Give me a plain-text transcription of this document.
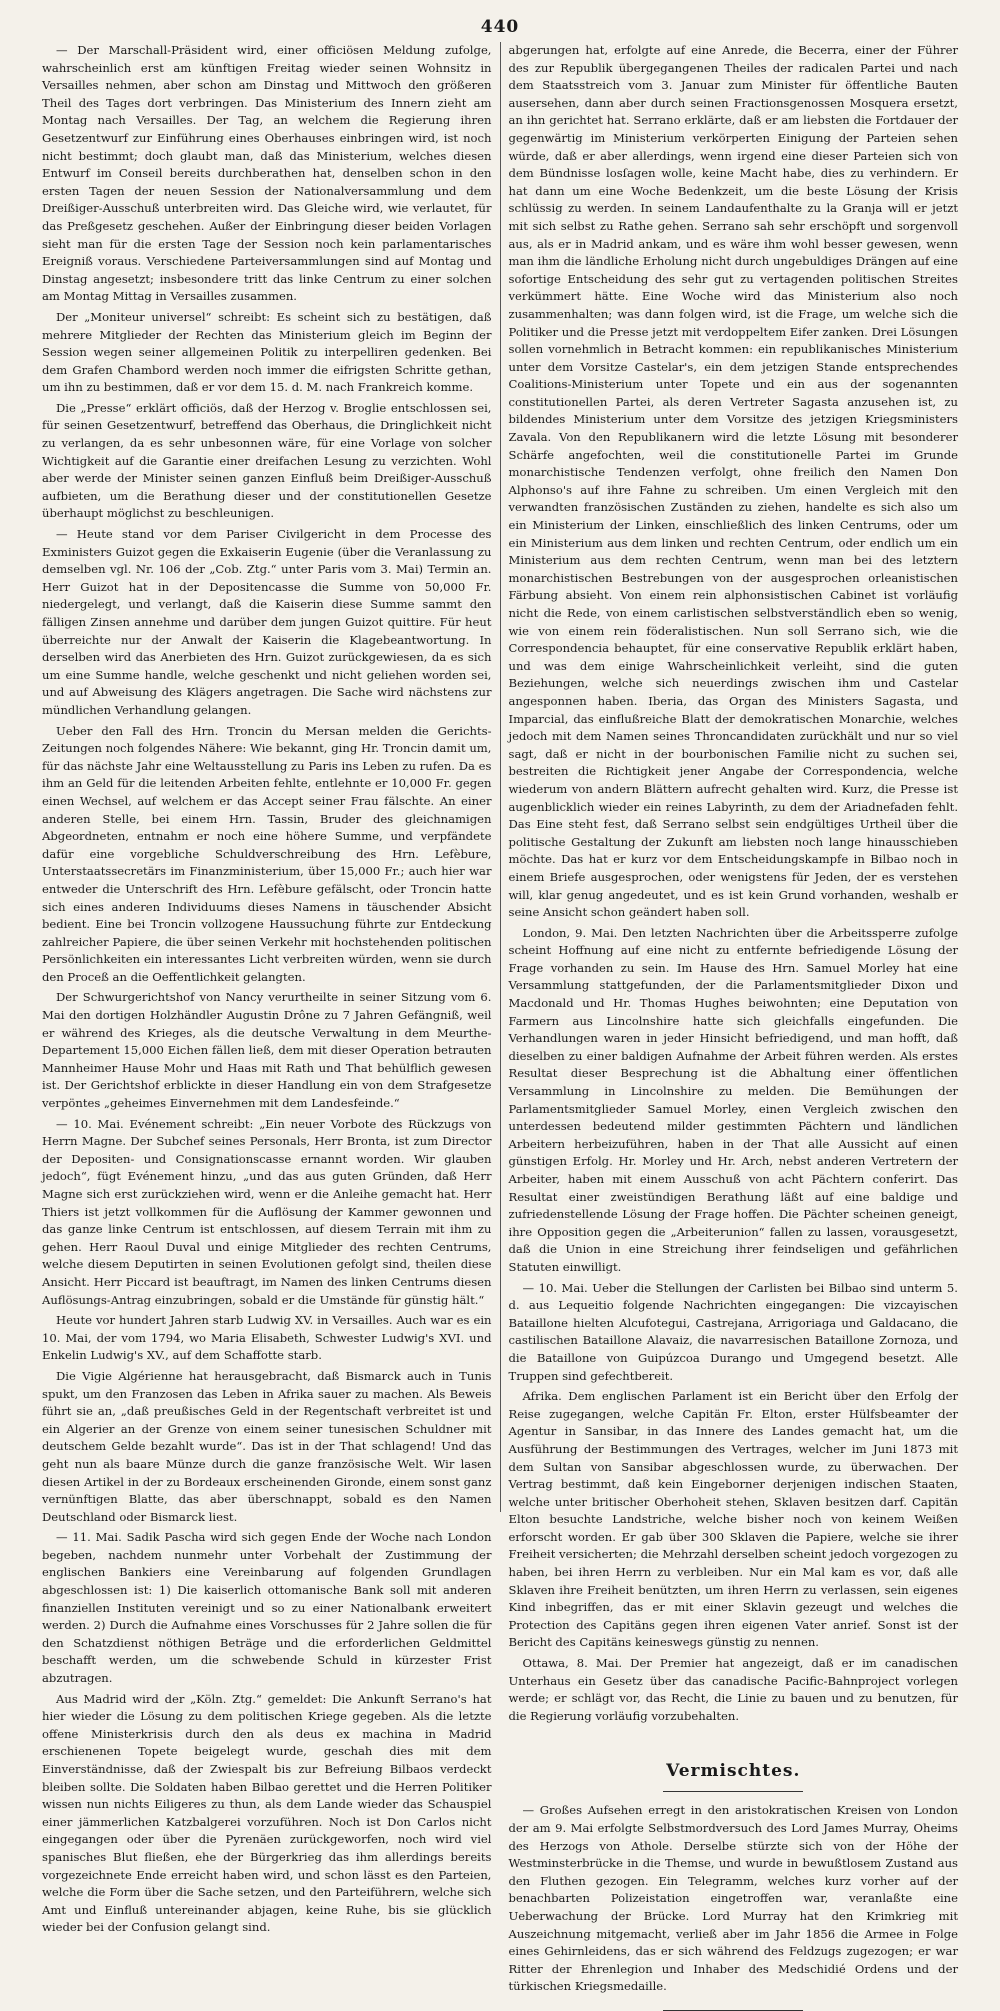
440

— Der Marschall-Präsident wird, einer officiösen Meldung zufolge, wahrscheinlich erst am künftigen Freitag wieder seinen Wohnsitz in Versailles nehmen, aber schon am Dinstag und Mittwoch den größeren Theil des Tages dort verbringen. Das Ministerium des Innern zieht am Montag nach Versailles. Der Tag, an welchem die Regierung ihren Gesetzentwurf zur Einführung eines Oberhauses einbringen wird, ist noch nicht bestimmt; doch glaubt man, daß das Ministerium, welches diesen Entwurf im Conseil bereits durchberathen hat, denselben schon in den ersten Tagen der neuen Session der Nationalversammlung und dem Dreißiger-Ausschuß unterbreiten wird. Das Gleiche wird, wie verlautet, für das Preßgesetz geschehen. Außer der Einbringung dieser beiden Vorlagen sieht man für die ersten Tage der Session noch kein parlamentarisches Ereigniß voraus. Verschiedene Parteiversammlungen sind auf Montag und Dinstag angesetzt; insbesondere tritt das linke Centrum zu einer solchen am Montag Mittag in Versailles zusammen.

Der „Moniteur universel“ schreibt: Es scheint sich zu bestätigen, daß mehrere Mitglieder der Rechten das Ministerium gleich im Beginn der Session wegen seiner allgemeinen Politik zu interpelliren gedenken. Bei dem Grafen Chambord werden noch immer die eifrigsten Schritte gethan, um ihn zu bestimmen, daß er vor dem 15. d. M. nach Frankreich komme.

Die „Presse“ erklärt officiös, daß der Herzog v. Broglie entschlossen sei, für seinen Gesetzentwurf, betreffend das Oberhaus, die Dringlichkeit nicht zu verlangen, da es sehr unbesonnen wäre, für eine Vorlage von solcher Wichtigkeit auf die Garantie einer dreifachen Lesung zu verzichten. Wohl aber werde der Minister seinen ganzen Einfluß beim Dreißiger-Ausschuß aufbieten, um die Berathung dieser und der constitutionellen Gesetze überhaupt möglichst zu beschleunigen.

— Heute stand vor dem Pariser Civilgericht in dem Processe des Exministers Guizot gegen die Exkaiserin Eugenie (über die Veranlassung zu demselben vgl. Nr. 106 der „Cob. Ztg.“ unter Paris vom 3. Mai) Termin an. Herr Guizot hat in der Depositencasse die Summe von 50,000 Fr. niedergelegt, und verlangt, daß die Kaiserin diese Summe sammt den fälligen Zinsen annehme und darüber dem jungen Guizot quittire. Für heut überreichte nur der Anwalt der Kaiserin die Klagebeantwortung. In derselben wird das Anerbieten des Hrn. Guizot zurückgewiesen, da es sich um eine Summe handle, welche geschenkt und nicht geliehen worden sei, und auf Abweisung des Klägers angetragen. Die Sache wird nächstens zur mündlichen Verhandlung gelangen.

Ueber den Fall des Hrn. Troncin du Mersan melden die Gerichts-Zeitungen noch folgendes Nähere: Wie bekannt, ging Hr. Troncin damit um, für das nächste Jahr eine Weltausstellung zu Paris ins Leben zu rufen. Da es ihm an Geld für die leitenden Arbeiten fehlte, entlehnte er 10,000 Fr. gegen einen Wechsel, auf welchem er das Accept seiner Frau fälschte. An einer anderen Stelle, bei einem Hrn. Tassin, Bruder des gleichnamigen Abgeordneten, entnahm er noch eine höhere Summe, und verpfändete dafür eine vorgebliche Schuldverschreibung des Hrn. Lefèbure, Unterstaatssecretärs im Finanzministerium, über 15,000 Fr.; auch hier war entweder die Unterschrift des Hrn. Lefèbure gefälscht, oder Troncin hatte sich eines anderen Individuums dieses Namens in täuschender Absicht bedient. Eine bei Troncin vollzogene Haussuchung führte zur Entdeckung zahlreicher Papiere, die über seinen Verkehr mit hochstehenden politischen Persönlichkeiten ein interessantes Licht verbreiten würden, wenn sie durch den Proceß an die Oeffentlichkeit gelangten.

Der Schwurgerichtshof von Nancy verurtheilte in seiner Sitzung vom 6. Mai den dortigen Holzhändler Augustin Drône zu 7 Jahren Gefängniß, weil er während des Krieges, als die deutsche Verwaltung in dem Meurthe-Departement 15,000 Eichen fällen ließ, dem mit dieser Operation betrauten Mannheimer Hause Mohr und Haas mit Rath und That behülflich gewesen ist. Der Gerichtshof erblickte in dieser Handlung ein von dem Strafgesetze verpöntes „geheimes Einvernehmen mit dem Landesfeinde.“

— 10. Mai. Evénement schreibt: „Ein neuer Vorbote des Rückzugs von Herrn Magne. Der Subchef seines Personals, Herr Bronta, ist zum Director der Depositen- und Consignationscasse ernannt worden. Wir glauben jedoch“, fügt Evénement hinzu, „und das aus guten Gründen, daß Herr Magne sich erst zurückziehen wird, wenn er die Anleihe gemacht hat. Herr Thiers ist jetzt vollkommen für die Auflösung der Kammer gewonnen und das ganze linke Centrum ist entschlossen, auf diesem Terrain mit ihm zu gehen. Herr Raoul Duval und einige Mitglieder des rechten Centrums, welche diesem Deputirten in seinen Evolutionen gefolgt sind, theilen diese Ansicht. Herr Piccard ist beauftragt, im Namen des linken Centrums diesen Auflösungs-Antrag einzubringen, sobald er die Umstände für günstig hält.“

Heute vor hundert Jahren starb Ludwig XV. in Versailles. Auch war es ein 10. Mai, der vom 1794, wo Maria Elisabeth, Schwester Ludwig's XVI. und Enkelin Ludwig's XV., auf dem Schaffotte starb.

Die Vigie Algérienne hat herausgebracht, daß Bismarck auch in Tunis spukt, um den Franzosen das Leben in Afrika sauer zu machen. Als Beweis führt sie an, „daß preußisches Geld in der Regentschaft verbreitet ist und ein Algerier an der Grenze von einem seiner tunesischen Schuldner mit deutschem Gelde bezahlt wurde“. Das ist in der That schlagend! Und das geht nun als baare Münze durch die ganze französische Welt. Wir lasen diesen Artikel in der zu Bordeaux erscheinenden Gironde, einem sonst ganz vernünftigen Blatte, das aber überschnappt, sobald es den Namen Deutschland oder Bismarck liest.

— 11. Mai. Sadik Pascha wird sich gegen Ende der Woche nach London begeben, nachdem nunmehr unter Vorbehalt der Zustimmung der englischen Bankiers eine Vereinbarung auf folgenden Grundlagen abgeschlossen ist: 1) Die kaiserlich ottomanische Bank soll mit anderen finanziellen Instituten vereinigt und so zu einer Nationalbank erweitert werden. 2) Durch die Aufnahme eines Vorschusses für 2 Jahre sollen die für den Schatzdienst nöthigen Beträge und die erforderlichen Geldmittel beschafft werden, um die schwebende Schuld in kürzester Frist abzutragen.

Aus Madrid wird der „Köln. Ztg.“ gemeldet: Die Ankunft Serrano's hat hier wieder die Lösung zu dem politischen Kriege gegeben. Als die letzte offene Ministerkrisis durch den als deus ex machina in Madrid erschienenen Topete beigelegt wurde, geschah dies mit dem Einverständnisse, daß der Zwiespalt bis zur Befreiung Bilbaos verdeckt bleiben sollte. Die Soldaten haben Bilbao gerettet und die Herren Politiker wissen nun nichts Eiligeres zu thun, als dem Lande wieder das Schauspiel einer jämmerlichen Katzbalgerei vorzuführen. Noch ist Don Carlos nicht eingegangen oder über die Pyrenäen zurückgeworfen, noch wird viel spanisches Blut fließen, ehe der Bürgerkrieg das ihm allerdings bereits vorgezeichnete Ende erreicht haben wird, und schon lässt es den Parteien, welche die Form über die Sache setzen, und den Parteiführern, welche sich Amt und Einfluß untereinander abjagen, keine Ruhe, bis sie glücklich wieder bei der Confusion gelangt sind.

abgerungen hat, erfolgte auf eine Anrede, die Becerra, einer der Führer des zur Republik übergegangenen Theiles der radicalen Partei und nach dem Staatsstreich vom 3. Januar zum Minister für öffentliche Bauten ausersehen, dann aber durch seinen Fractionsgenossen Mosquera ersetzt, an ihn gerichtet hat. Serrano erklärte, daß er am liebsten die Fortdauer der gegenwärtig im Ministerium verkörperten Einigung der Parteien sehen würde, daß er aber allerdings, wenn irgend eine dieser Parteien sich von dem Bündnisse losſagen wolle, keine Macht habe, dies zu verhindern. Er hat dann um eine Woche Bedenkzeit, um die beste Lösung der Krisis schlüssig zu werden. In seinem Landaufenthalte zu la Granja will er jetzt mit sich selbst zu Rathe gehen. Serrano sah sehr erschöpft und sorgenvoll aus, als er in Madrid ankam, und es wäre ihm wohl besser gewesen, wenn man ihm die ländliche Erholung nicht durch ungebuldiges Drängen auf eine sofortige Entscheidung des sehr gut zu vertagenden politischen Streites verkümmert hätte. Eine Woche wird das Ministerium also noch zusammenhalten; was dann folgen wird, ist die Frage, um welche sich die Politiker und die Presse jetzt mit verdoppeltem Eifer zanken. Drei Lösungen sollen vornehmlich in Betracht kommen: ein republikanisches Ministerium unter dem Vorsitze Castelar's, ein dem jetzigen Stande entsprechendes Coalitions-Ministerium unter Topete und ein aus der sogenannten constitutionellen Partei, als deren Vertreter Sagasta anzusehen ist, zu bildendes Ministerium unter dem Vorsitze des jetzigen Kriegsministers Zavala. Von den Republikanern wird die letzte Lösung mit besonderer Schärfe angefochten, weil die constitutionelle Partei im Grunde monarchistische Tendenzen verfolgt, ohne freilich den Namen Don Alphonso's auf ihre Fahne zu schreiben. Um einen Vergleich mit den verwandten französischen Zuständen zu ziehen, handelte es sich also um ein Ministerium der Linken, einschließlich des linken Centrums, oder um ein Ministerium aus dem linken und rechten Centrum, oder endlich um ein Ministerium aus dem rechten Centrum, wenn man bei des letztern monarchistischen Bestrebungen von der ausgesprochen orleanistischen Färbung absieht. Von einem rein alphonsistischen Cabinet ist vorläufig nicht die Rede, von einem carlistischen selbstverständlich eben so wenig, wie von einem rein föderalistischen. Nun soll Serrano sich, wie die Correspondencia behauptet, für eine conservative Republik erklärt haben, und was dem einige Wahrscheinlichkeit verleiht, sind die guten Beziehungen, welche sich neuerdings zwischen ihm und Castelar angesponnen haben. Iberia, das Organ des Ministers Sagasta, und Imparcial, das einflußreiche Blatt der demokratischen Monarchie, welches jedoch mit dem Namen seines Throncandidaten zurückhält und nur so viel sagt, daß er nicht in der bourbonischen Familie nicht zu suchen sei, bestreiten die Richtigkeit jener Angabe der Correspondencia, welche wiederum von andern Blättern aufrecht gehalten wird. Kurz, die Presse ist augenblicklich wieder ein reines Labyrinth, zu dem der Ariadnefaden fehlt. Das Eine steht fest, daß Serrano selbst sein endgültiges Urtheil über die politische Gestaltung der Zukunft am liebsten noch lange hinausschieben möchte. Das hat er kurz vor dem Entscheidungskampfe in Bilbao noch in einem Briefe ausgesprochen, oder wenigstens für Jeden, der es verstehen will, klar genug angedeutet, und es ist kein Grund vorhanden, weshalb er seine Ansicht schon geändert haben soll.

London, 9. Mai. Den letzten Nachrichten über die Arbeitssperre zufolge scheint Hoffnung auf eine nicht zu entfernte befriedigende Lösung der Frage vorhanden zu sein. Im Hause des Hrn. Samuel Morley hat eine Versammlung stattgefunden, der die Parlamentsmitglieder Dixon und Macdonald und Hr. Thomas Hughes beiwohnten; eine Deputation von Farmern aus Lincolnshire hatte sich gleichfalls eingefunden. Die Verhandlungen waren in jeder Hinsicht befriedigend, und man hofft, daß dieselben zu einer baldigen Aufnahme der Arbeit führen werden. Als erstes Resultat dieser Besprechung ist die Abhaltung einer öffentlichen Versammlung in Lincolnshire zu melden. Die Bemühungen der Parlamentsmitglieder Samuel Morley, einen Vergleich zwischen den unterdessen bedeutend milder gestimmten Pächtern und ländlichen Arbeitern herbeizuführen, haben in der That alle Aussicht auf einen günstigen Erfolg. Hr. Morley und Hr. Arch, nebst anderen Vertretern der Arbeiter, haben mit einem Ausschuß von acht Pächtern conferirt. Das Resultat einer zweistündigen Berathung läßt auf eine baldige und zufriedenstellende Lösung der Frage hoffen. Die Pächter scheinen geneigt, ihre Opposition gegen die „Arbeiterunion“ fallen zu lassen, vorausgesetzt, daß die Union in eine Streichung ihrer feindseligen und gefährlichen Statuten einwilligt.

— 10. Mai. Ueber die Stellungen der Carlisten bei Bilbao sind unterm 5. d. aus Lequeitio folgende Nachrichten eingegangen: Die vizcayischen Bataillone hielten Alcufotegui, Castrejana, Arrigoriaga und Galdacano, die castilischen Bataillone Alavaiz, die navarresischen Bataillone Zornoza, und die Bataillone von Guipúzcoa Durango und Umgegend besetzt. Alle Truppen sind gefechtbereit.

Afrika. Dem englischen Parlament ist ein Bericht über den Erfolg der Reise zugegangen, welche Capitän Fr. Elton, erster Hülfsbeamter der Agentur in Sansibar, in das Innere des Landes gemacht hat, um die Ausführung der Bestimmungen des Vertrages, welcher im Juni 1873 mit dem Sultan von Sansibar abgeschlossen wurde, zu überwachen. Der Vertrag bestimmt, daß kein Eingeborner derjenigen indischen Staaten, welche unter britischer Oberhoheit stehen, Sklaven besitzen darf. Capitän Elton besuchte Landstriche, welche bisher noch von keinem Weißen erforscht worden. Er gab über 300 Sklaven die Papiere, welche sie ihrer Freiheit versicherten; die Mehrzahl derselben scheint jedoch vorgezogen zu haben, bei ihren Herrn zu verbleiben. Nur ein Mal kam es vor, daß alle Sklaven ihre Freiheit benützten, um ihren Herrn zu verlassen, sein eigenes Kind inbegriffen, das er mit einer Sklavin gezeugt und welches die Protection des Capitäns gegen ihren eigenen Vater anrief. Sonst ist der Bericht des Capitäns keineswegs günstig zu nennen.

Ottawa, 8. Mai. Der Premier hat angezeigt, daß er im canadischen Unterhaus ein Gesetz über das canadische Pacific-Bahnproject vorlegen werde; er schlägt vor, das Recht, die Linie zu bauen und zu benutzen, für die Regierung vorläufig vorzubehalten.

Vermischtes.

— Großes Aufsehen erregt in den aristokratischen Kreisen von London der am 9. Mai erfolgte Selbstmordversuch des Lord James Murray, Oheims des Herzogs von Athole. Derselbe stürzte sich von der Höhe der Westminsterbrücke in die Themse, und wurde in bewußtlosem Zustand aus den Fluthen gezogen. Ein Telegramm, welches kurz vorher auf der benachbarten Polizeistation eingetroffen war, veranlaßte eine Ueberwachung der Brücke. Lord Murray hat den Krimkrieg mit Auszeichnung mitgemacht, verließ aber im Jahr 1856 die Armee in Folge eines Gehirnleidens, das er sich während des Feldzugs zugezogen; er war Ritter der Ehrenlegion und Inhaber des Medschidié Ordens und der türkischen Kriegsmedaille.
